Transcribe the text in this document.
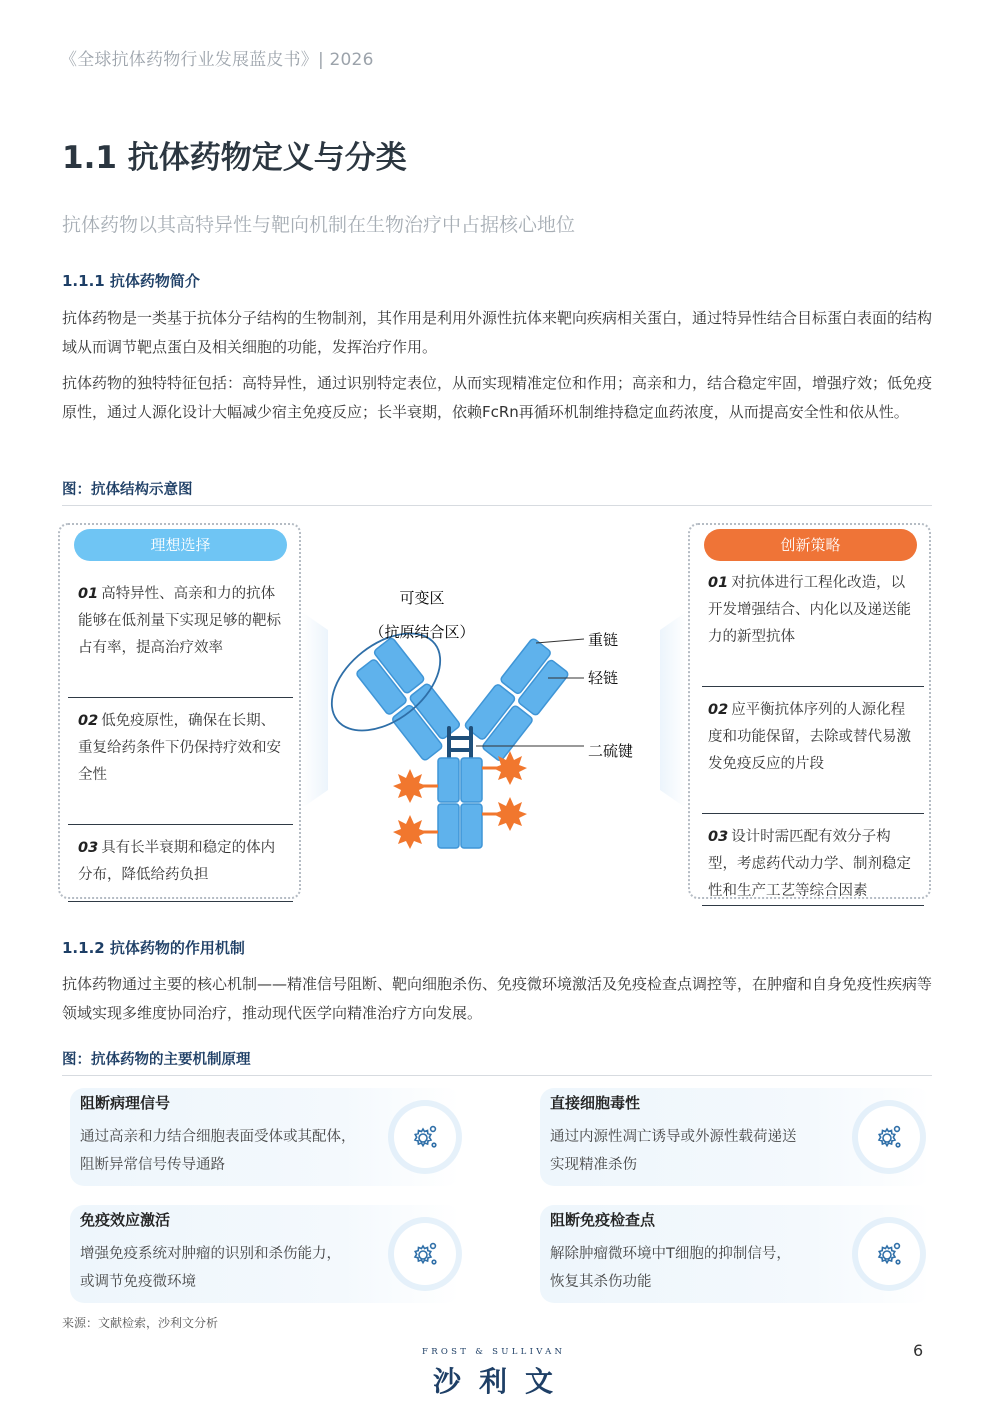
《全球抗体药物行业发展蓝皮书》| 2026
1.1 抗体药物定义与分类
抗体药物以其高特异性与靶向机制在生物治疗中占据核心地位
1.1.1 抗体药物简介
抗体药物是一类基于抗体分子结构的生物制剂，其作用是利用外源性抗体来靶向疾病相关蛋白，通过特异性结合目标蛋白表面的结构域从而调节靶点蛋白及相关细胞的功能，发挥治疗作用。
抗体药物的独特特征包括：高特异性，通过识别特定表位，从而实现精准定位和作用；高亲和力，结合稳定牢固，增强疗效；低免疫原性，通过人源化设计大幅减少宿主免疫反应；长半衰期，依赖FcRn再循环机制维持稳定血药浓度，从而提高安全性和依从性。
图：抗体结构示意图
理想选择
01 高特异性、高亲和力的抗体能够在低剂量下实现足够的靶标占有率，提高治疗效率
02 低免疫原性，确保在长期、重复给药条件下仍保持疗效和安全性
03 具有长半衰期和稳定的体内分布，降低给药负担
创新策略
01 对抗体进行工程化改造，以开发增强结合、内化以及递送能力的新型抗体
02 应平衡抗体序列的人源化程度和功能保留，去除或替代易激发免疫反应的片段
03 设计时需匹配有效分子构型，考虑药代动力学、制剂稳定性和生产工艺等综合因素
可变区
（抗原结合区）	重链
轻链
二硫键
1.1.2 抗体药物的作用机制
抗体药物通过主要的核心机制——精准信号阻断、靶向细胞杀伤、免疫微环境激活及免疫检查点调控等，在肿瘤和自身免疫性疾病等领域实现多维度协同治疗，推动现代医学向精准治疗方向发展。
图：抗体药物的主要机制原理
阻断病理信号
通过高亲和力结合细胞表面受体或其配体，
阻断异常信号传导通路
直接细胞毒性
通过内源性凋亡诱导或外源性载荷递送
实现精准杀伤
免疫效应激活
增强免疫系统对肿瘤的识别和杀伤能力，
或调节免疫微环境
阻断免疫检查点
解除肿瘤微环境中T细胞的抑制信号，
恢复其杀伤功能
来源：文献检索，沙利文分析
6
FROST & SULLIVAN
沙利文
